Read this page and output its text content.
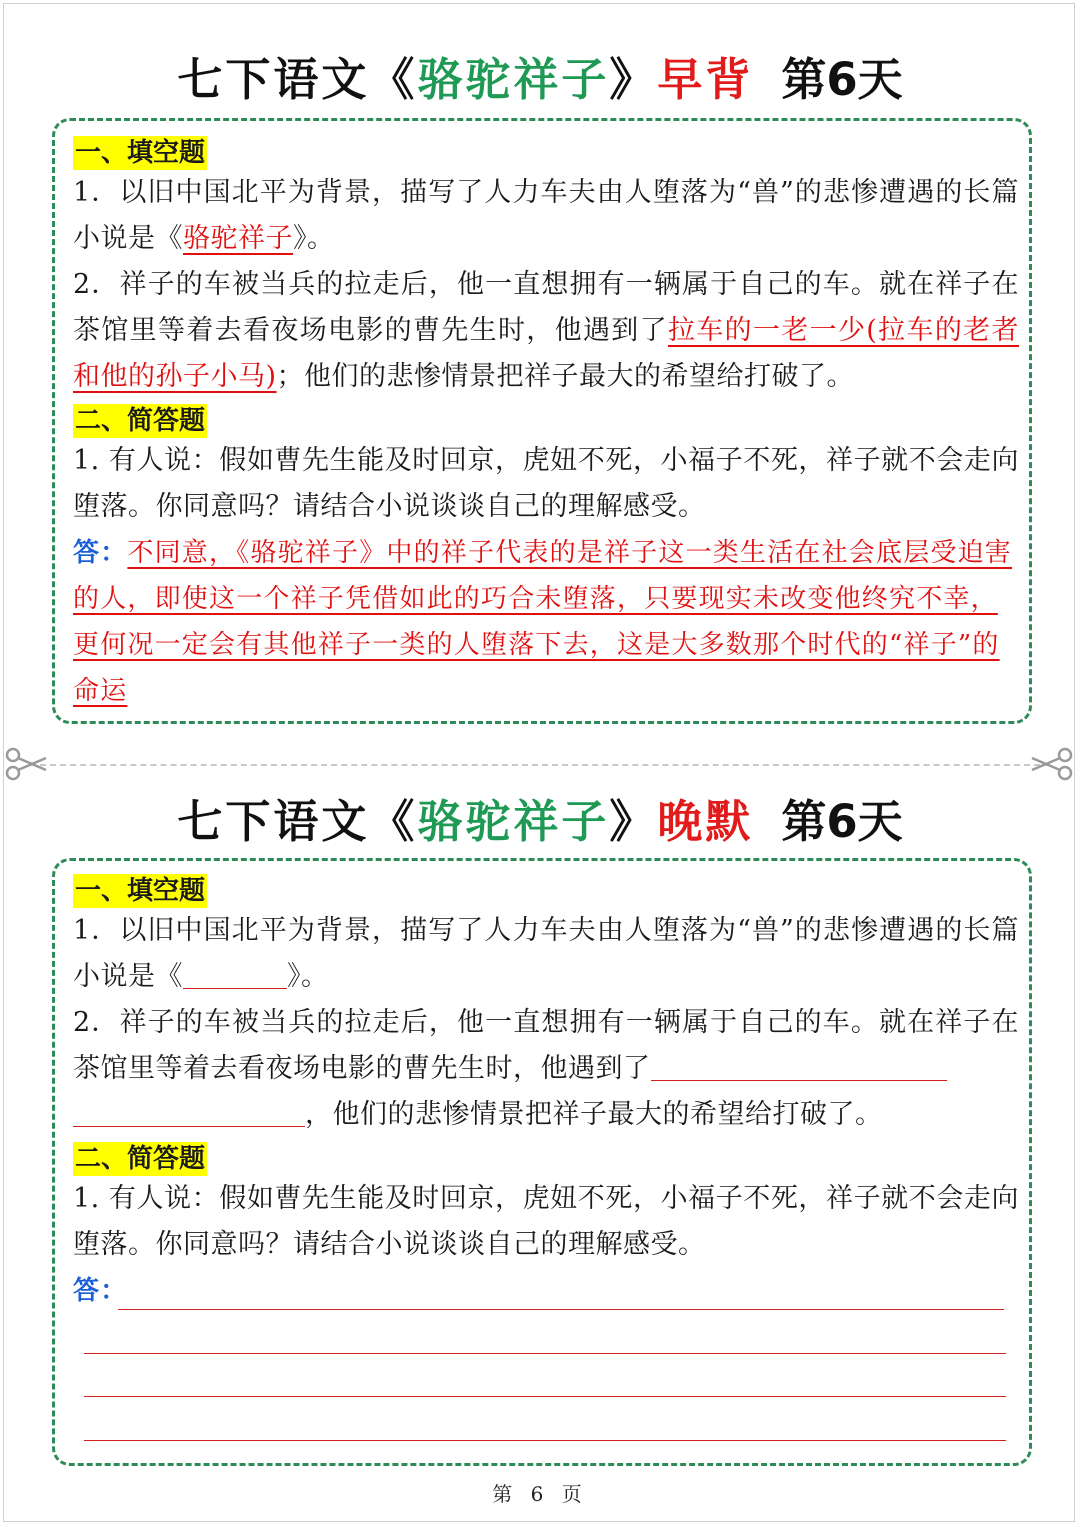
七下语文《骆驼祥子》早背 第6天
一、填空题

1．以旧中国北平为背景，描写了人力车夫由人堕落为“兽”的悲惨遭遇的长篇小说是《骆驼祥子》。

2．祥子的车被当兵的拉走后，他一直想拥有一辆属于自己的车。就在祥子在茶馆里等着去看夜场电影的曹先生时，他遇到了拉车的一老一少(拉车的老者和他的孙子小马)；他们的悲惨情景把祥子最大的希望给打破了。

二、简答题

1. 有人说：假如曹先生能及时回京，虎妞不死，小福子不死，祥子就不会走向堕落。你同意吗？请结合小说谈谈自己的理解感受。

答：不同意，《骆驼祥子》中的祥子代表的是祥子这一类生活在社会底层受迫害的人，即使这一个祥子凭借如此的巧合未堕落，只要现实未改变他终究不幸，更何况一定会有其他祥子一类的人堕落下去，这是大多数那个时代的“祥子”的命运

七下语文《骆驼祥子》晚默 第6天
一、填空题

1．以旧中国北平为背景，描写了人力车夫由人堕落为“兽”的悲惨遭遇的长篇小说是《	》。

2．祥子的车被当兵的拉走后，他一直想拥有一辆属于自己的车。就在祥子在茶馆里等着去看夜场电影的曹先生时，他遇到了
，他们的悲惨情景把祥子最大的希望给打破了。

二、简答题

1. 有人说：假如曹先生能及时回京，虎妞不死，小福子不死，祥子就不会走向堕落。你同意吗？请结合小说谈谈自己的理解感受。

答：

第 6 页
